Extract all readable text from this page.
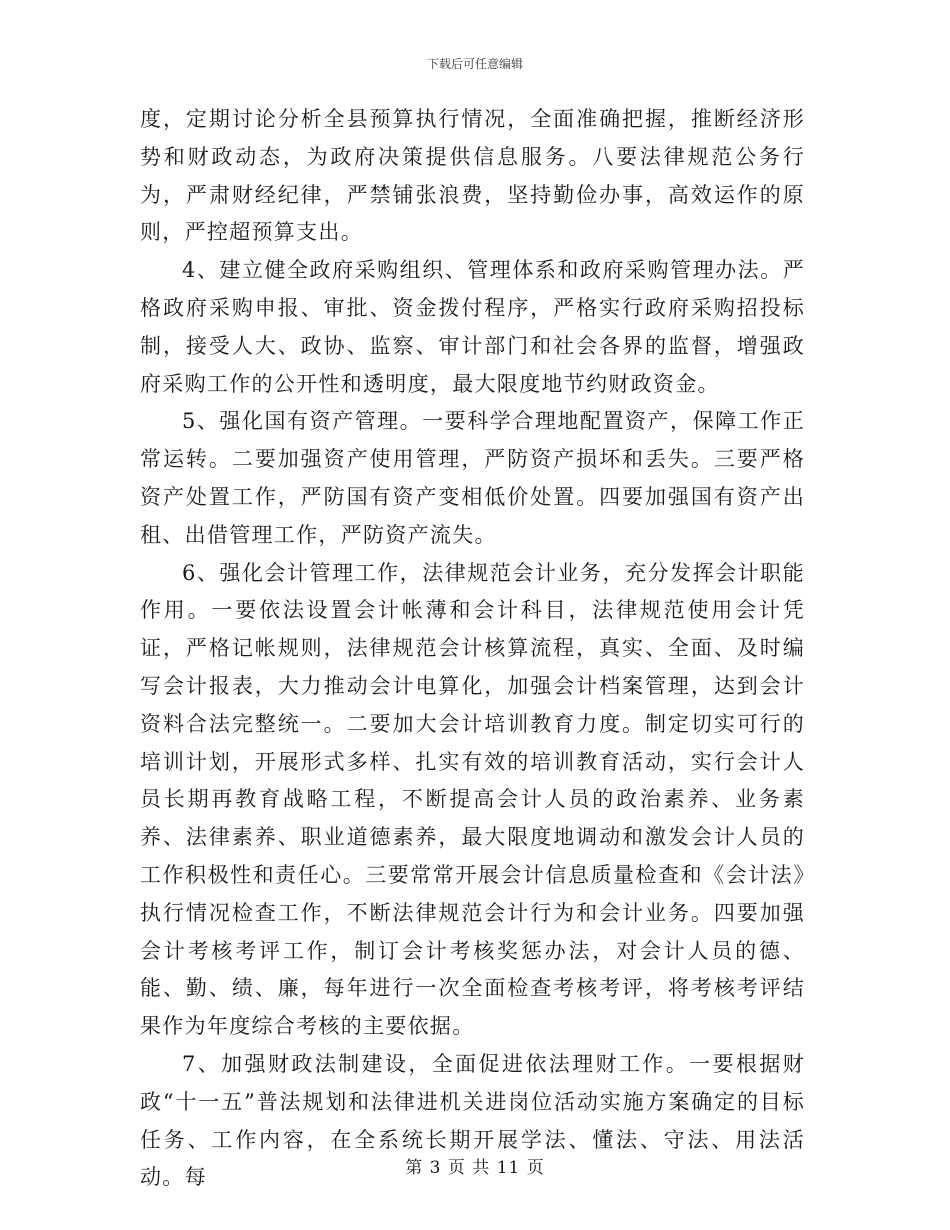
下载后可任意编辑

度，定期讨论分析全县预算执行情况，全面准确把握，推断经济形势和财政动态，为政府决策提供信息服务。八要法律规范公务行为，严肃财经纪律，严禁铺张浪费，坚持勤俭办事，高效运作的原则，严控超预算支出。

4、建立健全政府采购组织、管理体系和政府采购管理办法。严格政府采购申报、审批、资金拨付程序，严格实行政府采购招投标制，接受人大、政协、监察、审计部门和社会各界的监督，增强政府采购工作的公开性和透明度，最大限度地节约财政资金。

5、强化国有资产管理。一要科学合理地配置资产，保障工作正常运转。二要加强资产使用管理，严防资产损坏和丢失。三要严格资产处置工作，严防国有资产变相低价处置。四要加强国有资产出租、出借管理工作，严防资产流失。

6、强化会计管理工作，法律规范会计业务，充分发挥会计职能作用。一要依法设置会计帐薄和会计科目，法律规范使用会计凭证，严格记帐规则，法律规范会计核算流程，真实、全面、及时编写会计报表，大力推动会计电算化，加强会计档案管理，达到会计资料合法完整统一。二要加大会计培训教育力度。制定切实可行的培训计划，开展形式多样、扎实有效的培训教育活动，实行会计人员长期再教育战略工程，不断提高会计人员的政治素养、业务素养、法律素养、职业道德素养，最大限度地调动和激发会计人员的工作积极性和责任心。三要常常开展会计信息质量检查和《会计法》执行情况检查工作，不断法律规范会计行为和会计业务。四要加强会计考核考评工作，制订会计考核奖惩办法，对会计人员的德、能、勤、绩、廉，每年进行一次全面检查考核考评，将考核考评结果作为年度综合考核的主要依据。

7、加强财政法制建设，全面促进依法理财工作。一要根据财政“十一五”普法规划和法律进机关进岗位活动实施方案确定的目标任务、工作内容，在全系统长期开展学法、懂法、守法、用法活动。每	第 3 页 共 11 页
